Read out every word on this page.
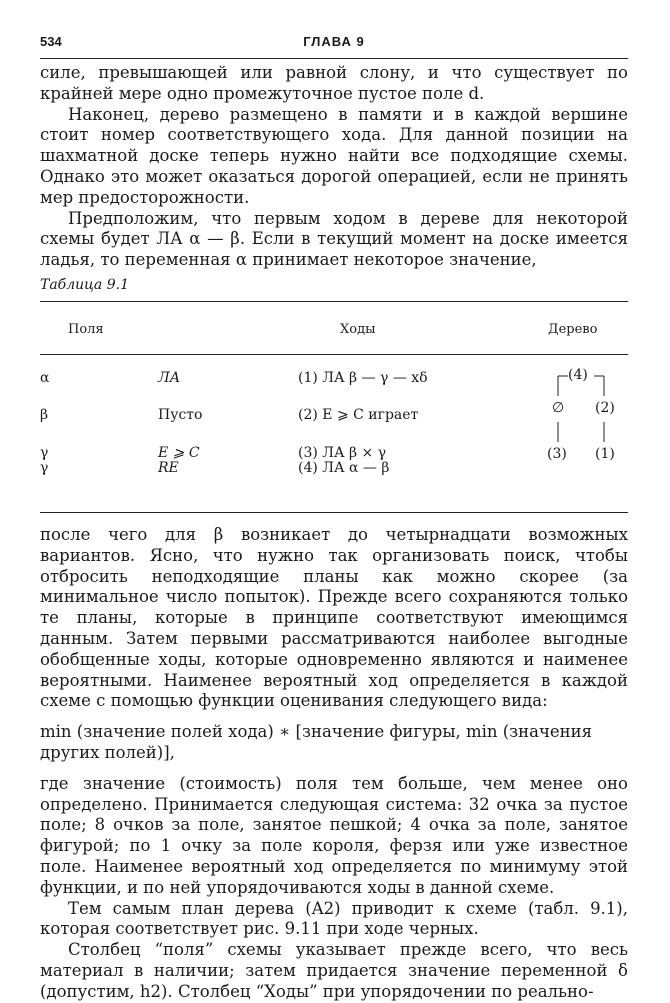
534	ГЛАВА 9

силе, превышающей или равной слону, и что существует по крайней мере одно промежуточное пустое поле d.

Наконец, дерево размещено в памяти и в каждой вершине стоит номер соответствующего хода. Для данной позиции на шахматной доске теперь нужно найти все подходящие схемы. Однако это может оказаться дорогой операцией, если не принять мер предосторожности.

Предположим, что первым ходом в дереве для некоторой схемы будет ЛА α — β. Если в текущий момент на доске имеется ладья, то переменная α принимает некоторое значение,

Таблица 9.1
Поля	Ходы	Дерево
α	ЛА	(1) ЛА β — γ — xδ
β	Пусто	(2) E ⩾ C играет
γ	E ⩾ C	(3) ЛА β × γ
γ	RE	(4) ЛА α — β
(4)
∅ (2)
(3) (1)

после чего для β возникает до четырнадцати возможных вариантов. Ясно, что нужно так организовать поиск, чтобы отбросить неподходящие планы как можно скорее (за минимальное число попыток). Прежде всего сохраняются только те планы, которые в принципе соответствуют имеющимся данным. Затем первыми рассматриваются наиболее выгодные обобщенные ходы, которые одновременно являются и наименее вероятными. Наименее вероятный ход определяется в каждой схеме с помощью функции оценивания следующего вида:

min (значение полей хода) ∗ [значение фигуры, min (значения других полей)],

где значение (стоимость) поля тем больше, чем менее оно определено. Принимается следующая система: 32 очка за пустое поле; 8 очков за поле, занятое пешкой; 4 очка за поле, занятое фигурой; по 1 очку за поле короля, ферзя или уже известное поле. Наименее вероятный ход определяется по минимуму этой функции, и по ней упорядочиваются ходы в данной схеме.

Тем самым план дерева (A2) приводит к схеме (табл. 9.1), которая соответствует рис. 9.11 при ходе черных.

Столбец “поля” схемы указывает прежде всего, что весь материал в наличии; затем придается значение переменной δ (допустим, h2). Столбец “Ходы” при упорядочении по реально-
